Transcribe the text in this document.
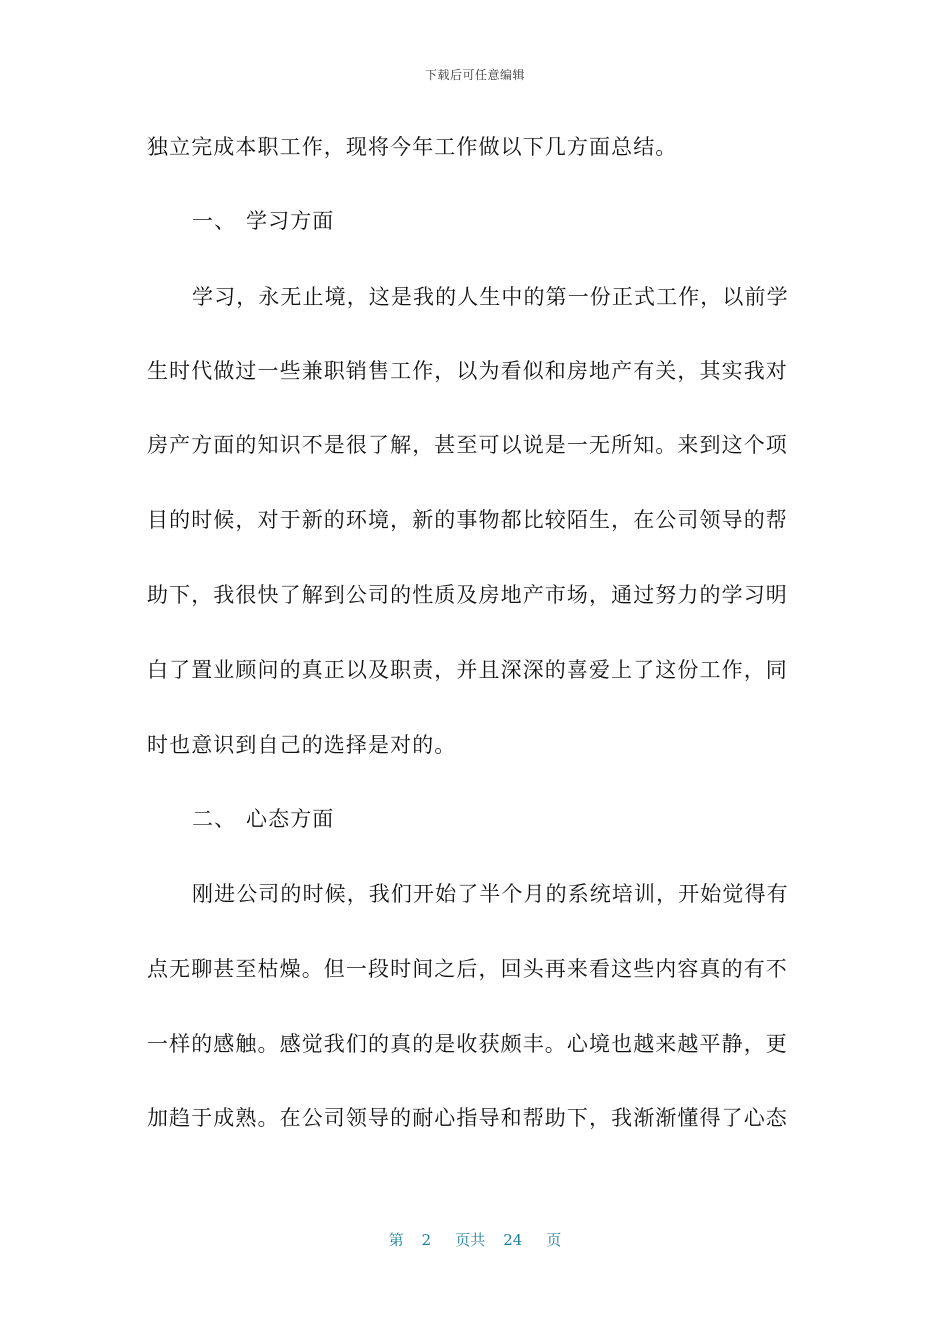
下载后可任意编辑
独立完成本职工作，现将今年工作做以下几方面总结。
一、 学习方面
学习，永无止境，这是我的人生中的第一份正式工作，以前学
生时代做过一些兼职销售工作，以为看似和房地产有关，其实我对
房产方面的知识不是很了解，甚至可以说是一无所知。来到这个项
目的时候，对于新的环境，新的事物都比较陌生，在公司领导的帮
助下，我很快了解到公司的性质及房地产市场，通过努力的学习明
白了置业顾问的真正以及职责，并且深深的喜爱上了这份工作，同
时也意识到自己的选择是对的。
二、 心态方面
刚进公司的时候，我们开始了半个月的系统培训，开始觉得有
点无聊甚至枯燥。但一段时间之后，回头再来看这些内容真的有不
一样的感触。感觉我们的真的是收获颇丰。心境也越来越平静，更
加趋于成熟。在公司领导的耐心指导和帮助下，我渐渐懂得了心态
第 2 页共 24 页
